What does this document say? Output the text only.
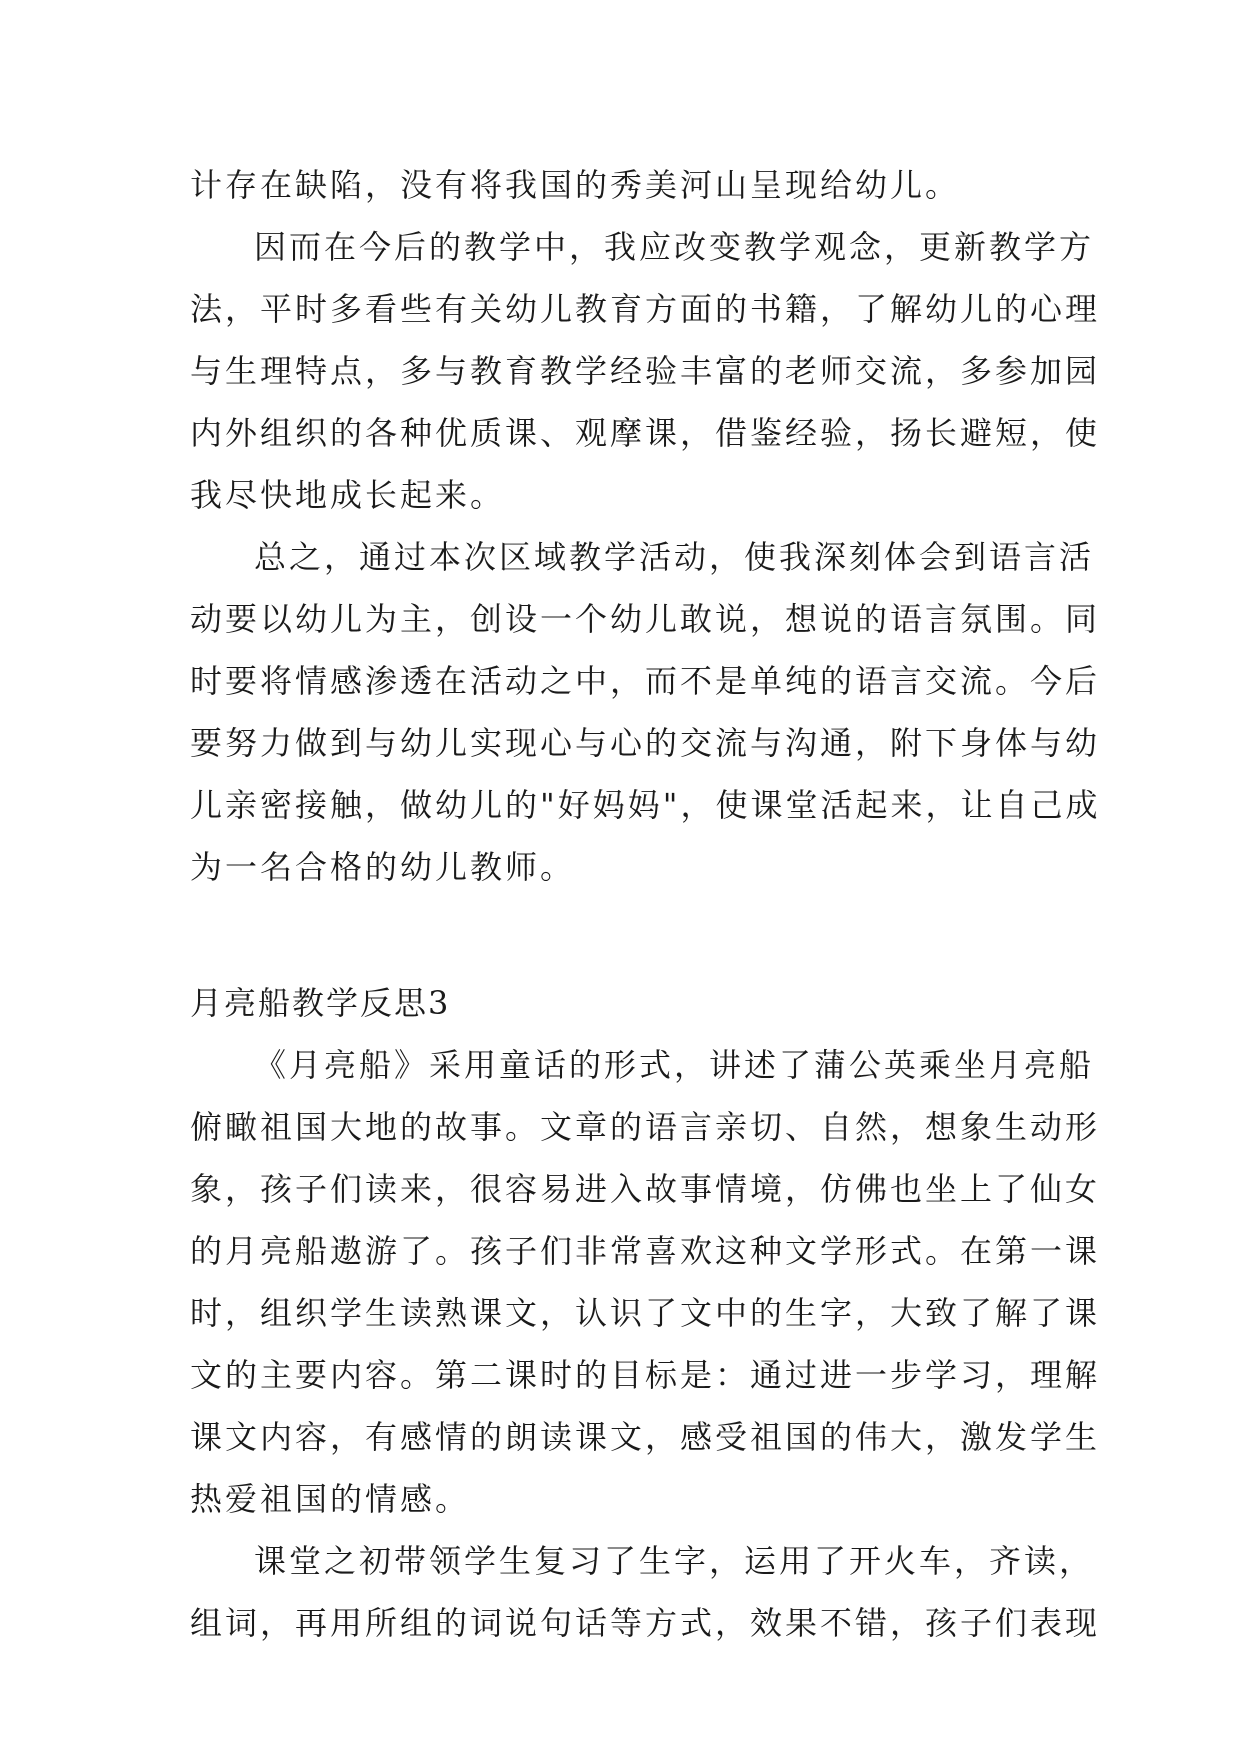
计存在缺陷，没有将我国的秀美河山呈现给幼儿。
因而在今后的教学中，我应改变教学观念，更新教学方
法，平时多看些有关幼儿教育方面的书籍，了解幼儿的心理
与生理特点，多与教育教学经验丰富的老师交流，多参加园
内外组织的各种优质课、观摩课，借鉴经验，扬长避短，使
我尽快地成长起来。
总之，通过本次区域教学活动，使我深刻体会到语言活
动要以幼儿为主，创设一个幼儿敢说，想说的语言氛围。同
时要将情感渗透在活动之中，而不是单纯的语言交流。今后
要努力做到与幼儿实现心与心的交流与沟通，附下身体与幼
儿亲密接触，做幼儿的"好妈妈"，使课堂活起来，让自己成
为一名合格的幼儿教师。
月亮船教学反思3
《月亮船》采用童话的形式，讲述了蒲公英乘坐月亮船
俯瞰祖国大地的故事。文章的语言亲切、自然，想象生动形
象，孩子们读来，很容易进入故事情境，仿佛也坐上了仙女
的月亮船遨游了。孩子们非常喜欢这种文学形式。在第一课
时，组织学生读熟课文，认识了文中的生字，大致了解了课
文的主要内容。第二课时的目标是：通过进一步学习，理解
课文内容，有感情的朗读课文，感受祖国的伟大，激发学生
热爱祖国的情感。
课堂之初带领学生复习了生字，运用了开火车，齐读，
组词，再用所组的词说句话等方式，效果不错，孩子们表现
